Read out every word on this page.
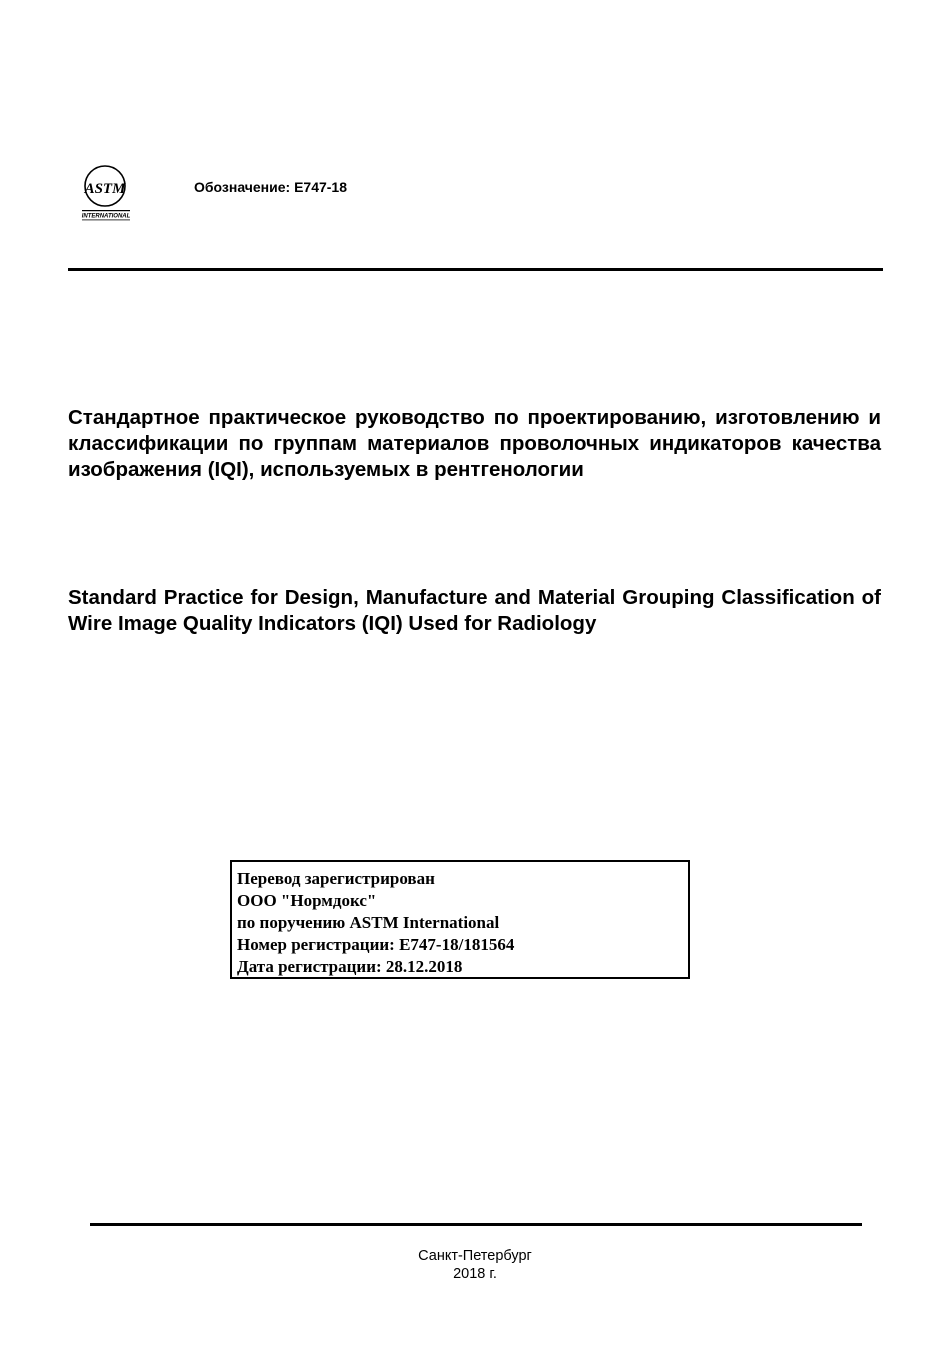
ASTM
INTERNATIONAL
Обозначение: E747-18

Стандартное практическое руководство по проектированию, изготовлению и классификации по группам материалов проволочных индикаторов качества изображения (IQI), используемых в рентгенологии

Standard Practice for Design, Manufacture and Material Grouping Classification of Wire Image Quality Indicators (IQI) Used for Radiology

Перевод зарегистрирован
ООО "Нормдокс"
по поручению ASTM International
Номер регистрации: E747-18/181564
Дата регистрации: 28.12.2018
Санкт-Петербург
2018 г.
